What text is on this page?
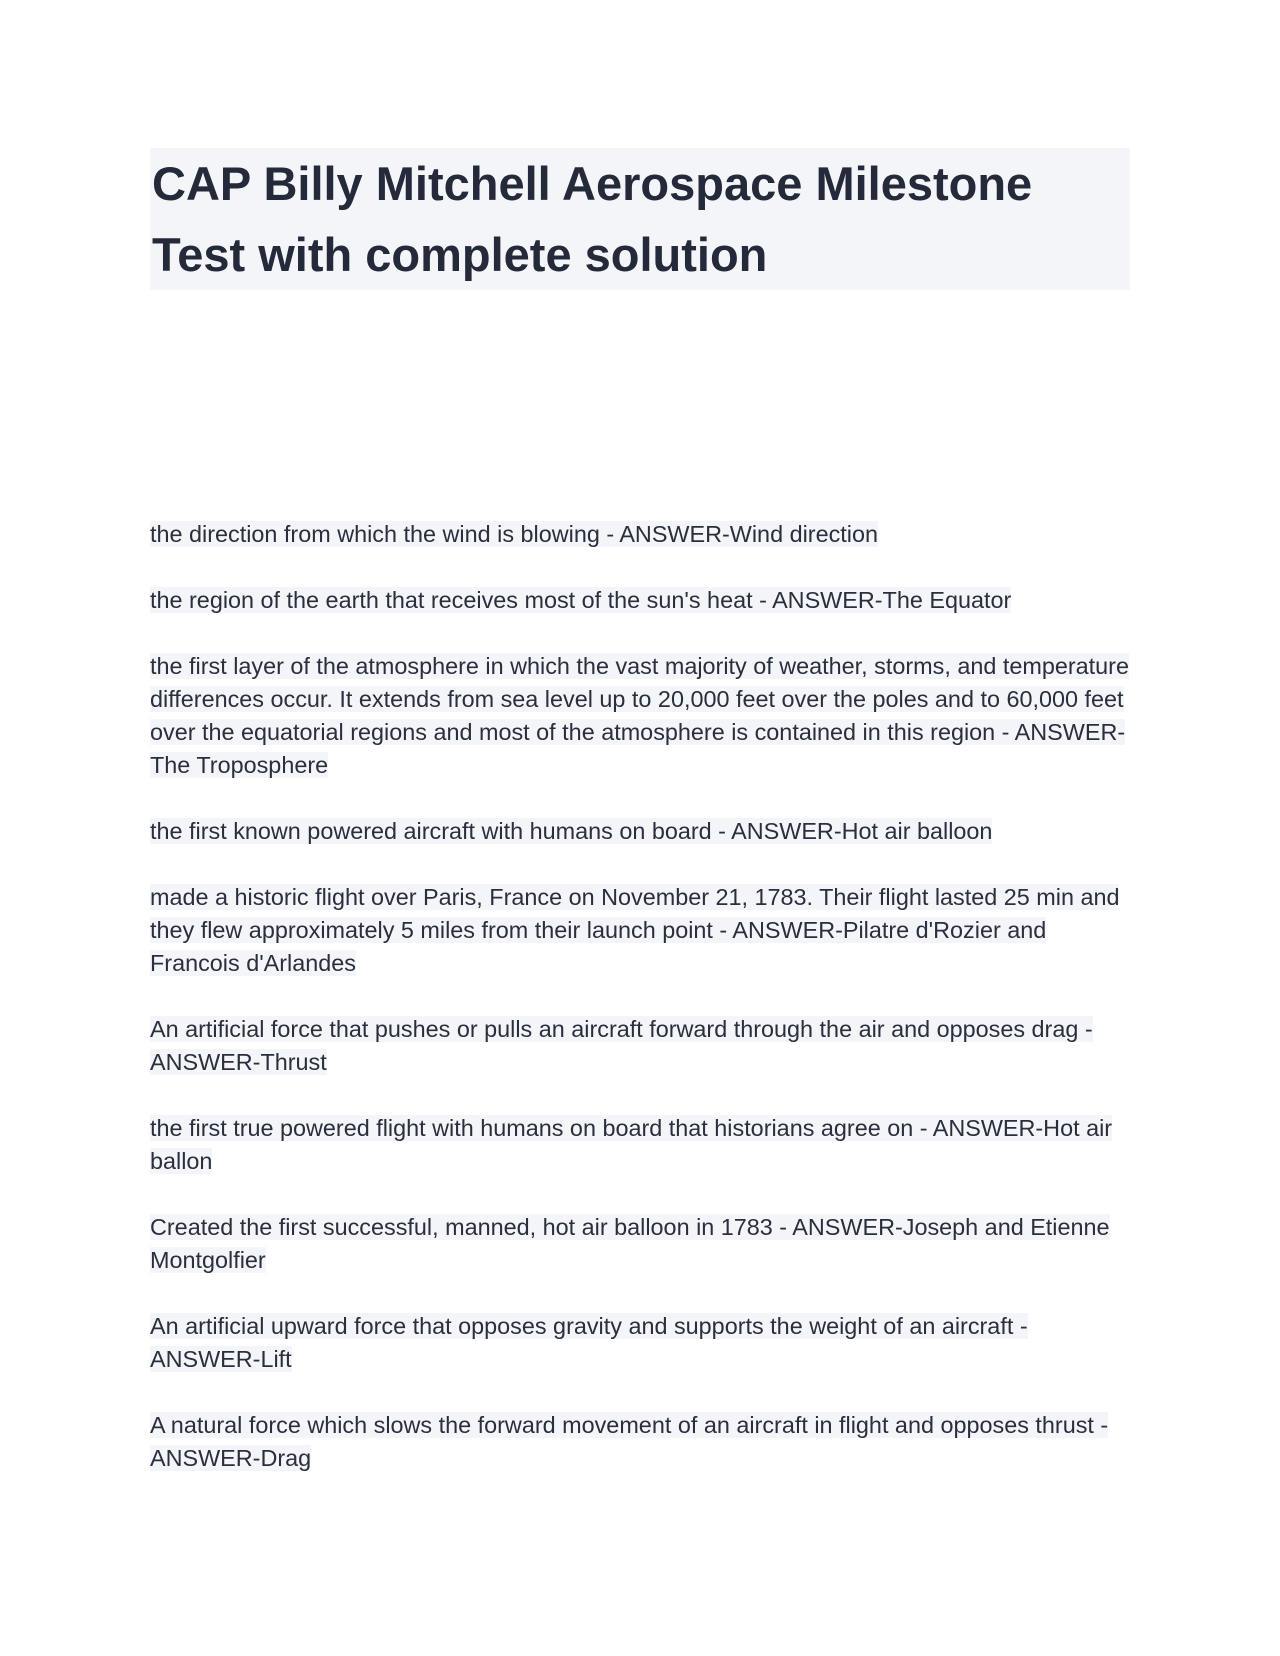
CAP Billy Mitchell Aerospace Milestone
Test with complete solution

the direction from which the wind is blowing - ANSWER-Wind direction

the region of the earth that receives most of the sun's heat - ANSWER-The Equator

the first layer of the atmosphere in which the vast majority of weather, storms, and temperature differences occur. It extends from sea level up to 20,000 feet over the poles and to 60,000 feet over the equatorial regions and most of the atmosphere is contained in this region - ANSWER-The Troposphere

the first known powered aircraft with humans on board - ANSWER-Hot air balloon

made a historic flight over Paris, France on November 21, 1783. Their flight lasted 25 min and they flew approximately 5 miles from their launch point - ANSWER-Pilatre d'Rozier and Francois d'Arlandes

An artificial force that pushes or pulls an aircraft forward through the air and opposes drag - ANSWER-Thrust

the first true powered flight with humans on board that historians agree on - ANSWER-Hot air ballon

Created the first successful, manned, hot air balloon in 1783 - ANSWER-Joseph and Etienne Montgolfier

An artificial upward force that opposes gravity and supports the weight of an aircraft - ANSWER-Lift

A natural force which slows the forward movement of an aircraft in flight and opposes thrust - ANSWER-Drag
